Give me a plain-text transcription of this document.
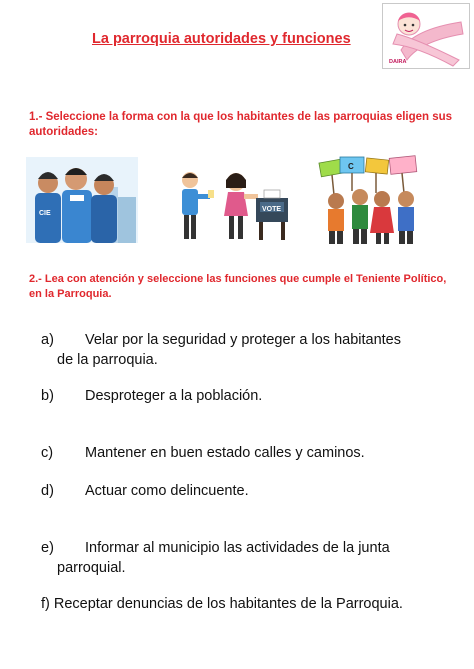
La parroquia autoridades y funciones
DAIRA
1.- Seleccione la forma con la que los habitantes de las parroquias eligen sus autoridades:
CIE
VOTE
C
2.- Lea con atención y seleccione las funciones que cumple el Teniente Político, en la Parroquia.
a) Velar por la seguridad y proteger a los habitantes
de la parroquia.
b) Desproteger a la población.
c) Mantener en buen estado calles y caminos.
d) Actuar como delincuente.
e) Informar al municipio las actividades de la junta
parroquial.
f) Receptar denuncias de los habitantes de la Parroquia.
